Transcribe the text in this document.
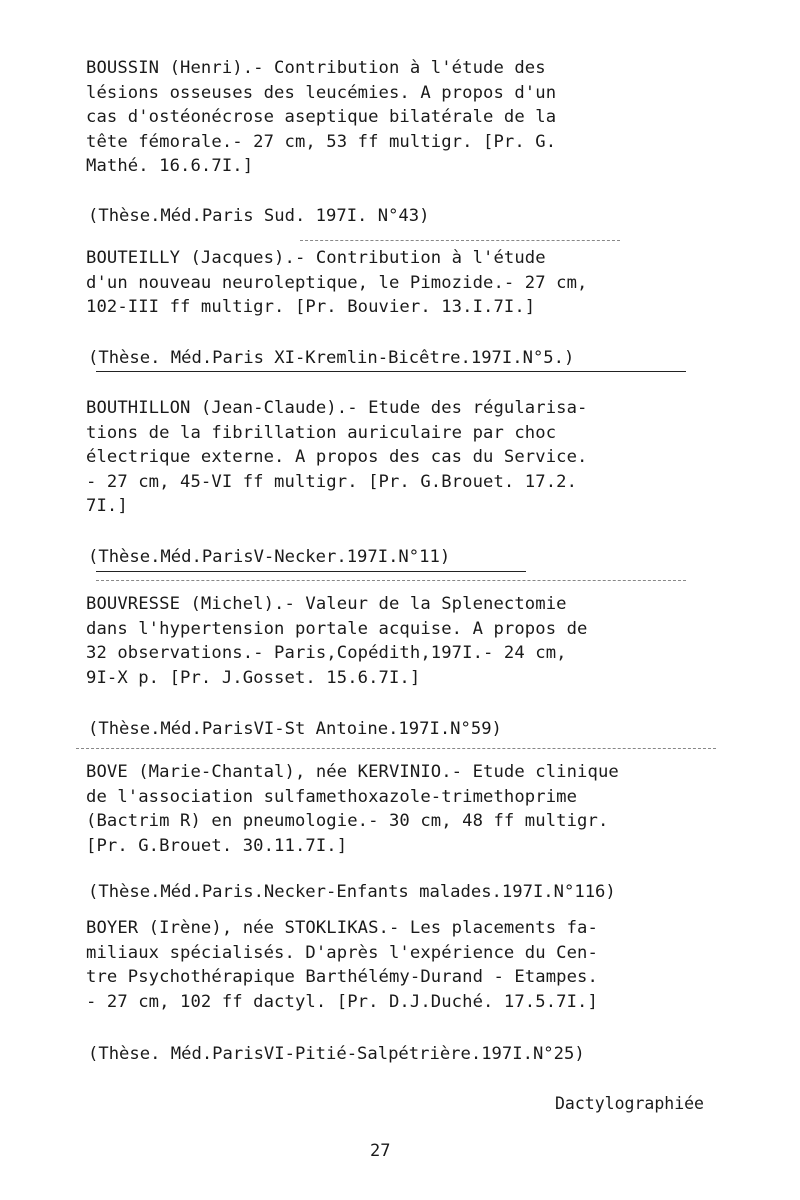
BOUSSIN (Henri).- Contribution à l'étude des
lésions osseuses des leucémies. A propos d'un
cas d'ostéonécrose aseptique bilatérale de la
tête fémorale.- 27 cm, 53 ff multigr. [Pr. G.
Mathé. 16.6.7I.]
(Thèse.Méd.Paris Sud. 197I. N°43)
BOUTEILLY (Jacques).- Contribution à l'étude
d'un nouveau neuroleptique, le Pimozide.- 27 cm,
102-III ff multigr. [Pr. Bouvier. 13.I.7I.]
(Thèse. Méd.Paris XI-Kremlin-Bicêtre.197I.N°5.)
BOUTHILLON (Jean-Claude).- Etude des régularisa-
tions de la fibrillation auriculaire par choc
électrique externe. A propos des cas du Service.
- 27 cm, 45-VI ff multigr. [Pr. G.Brouet. 17.2.
7I.]
(Thèse.Méd.ParisV-Necker.197I.N°11)
BOUVRESSE (Michel).- Valeur de la Splenectomie
dans l'hypertension portale acquise. A propos de
32 observations.- Paris,Copédith,197I.- 24 cm,
9I-X p. [Pr. J.Gosset. 15.6.7I.]
(Thèse.Méd.ParisVI-St Antoine.197I.N°59)
BOVE (Marie-Chantal), née KERVINIO.- Etude clinique
de l'association sulfamethoxazole-trimethoprime
(Bactrim R) en pneumologie.- 30 cm, 48 ff multigr.
[Pr. G.Brouet. 30.11.7I.]
(Thèse.Méd.Paris.Necker-Enfants malades.197I.N°116)
BOYER (Irène), née STOKLIKAS.- Les placements fa-
miliaux spécialisés. D'après l'expérience du Cen-
tre Psychothérapique Barthélémy-Durand - Etampes.
- 27 cm, 102 ff dactyl. [Pr. D.J.Duché. 17.5.7I.]
(Thèse. Méd.ParisVI-Pitié-Salpétrière.197I.N°25)
Dactylographiée
27
